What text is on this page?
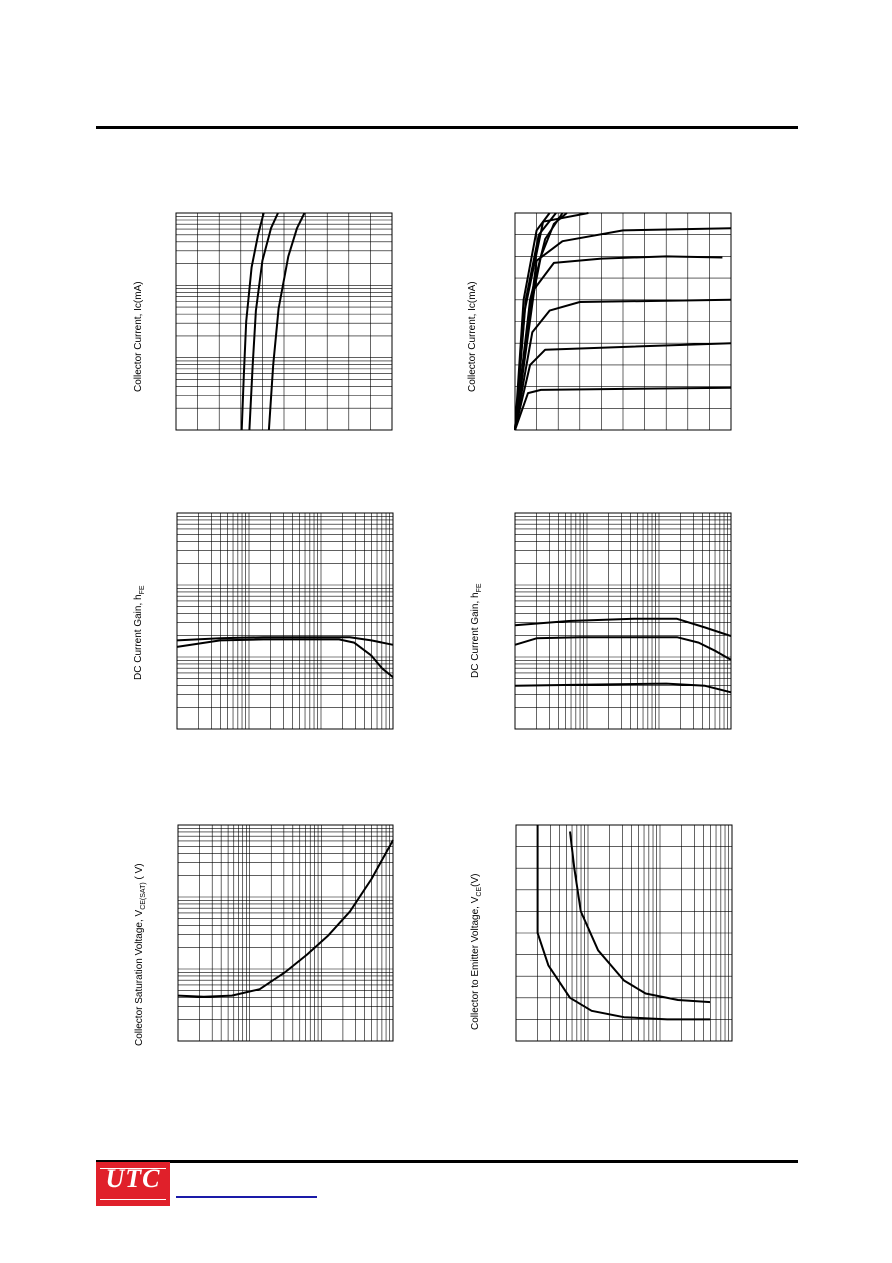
Collector Current, Ic(mA)	Collector Current, Ic(mA)
DC Current Gain, $h_{FE}$
DC Current Gain, $h_{FE}$
Collector Saturation Voltage, $V_{CE(SAT)}$ ( V)
Collector to Emitter Voltage, $V_{CE}(V)$
UTC
